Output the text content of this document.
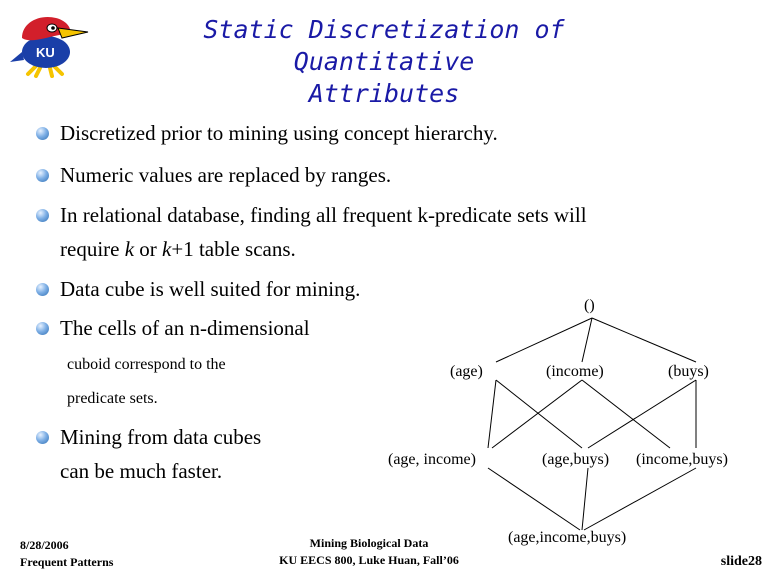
KU
Static Discretization of Quantitative
Attributes
Discretized prior to mining using concept hierarchy.
Numeric values are replaced by ranges.
In relational database, finding all frequent k-predicate sets will
require k or k+1 table scans.
Data cube is well suited for mining.
The cells of an n-dimensional
cuboid correspond to the
predicate sets.
Mining from data cubes
can be much faster.
()
(age)	(income)	(buys)
(age, income)	(age,buys) (income,buys)
(age,income,buys)
8/28/2006
Frequent Patterns
Mining Biological Data
KU EECS 800, Luke Huan, Fall’06	slide28
